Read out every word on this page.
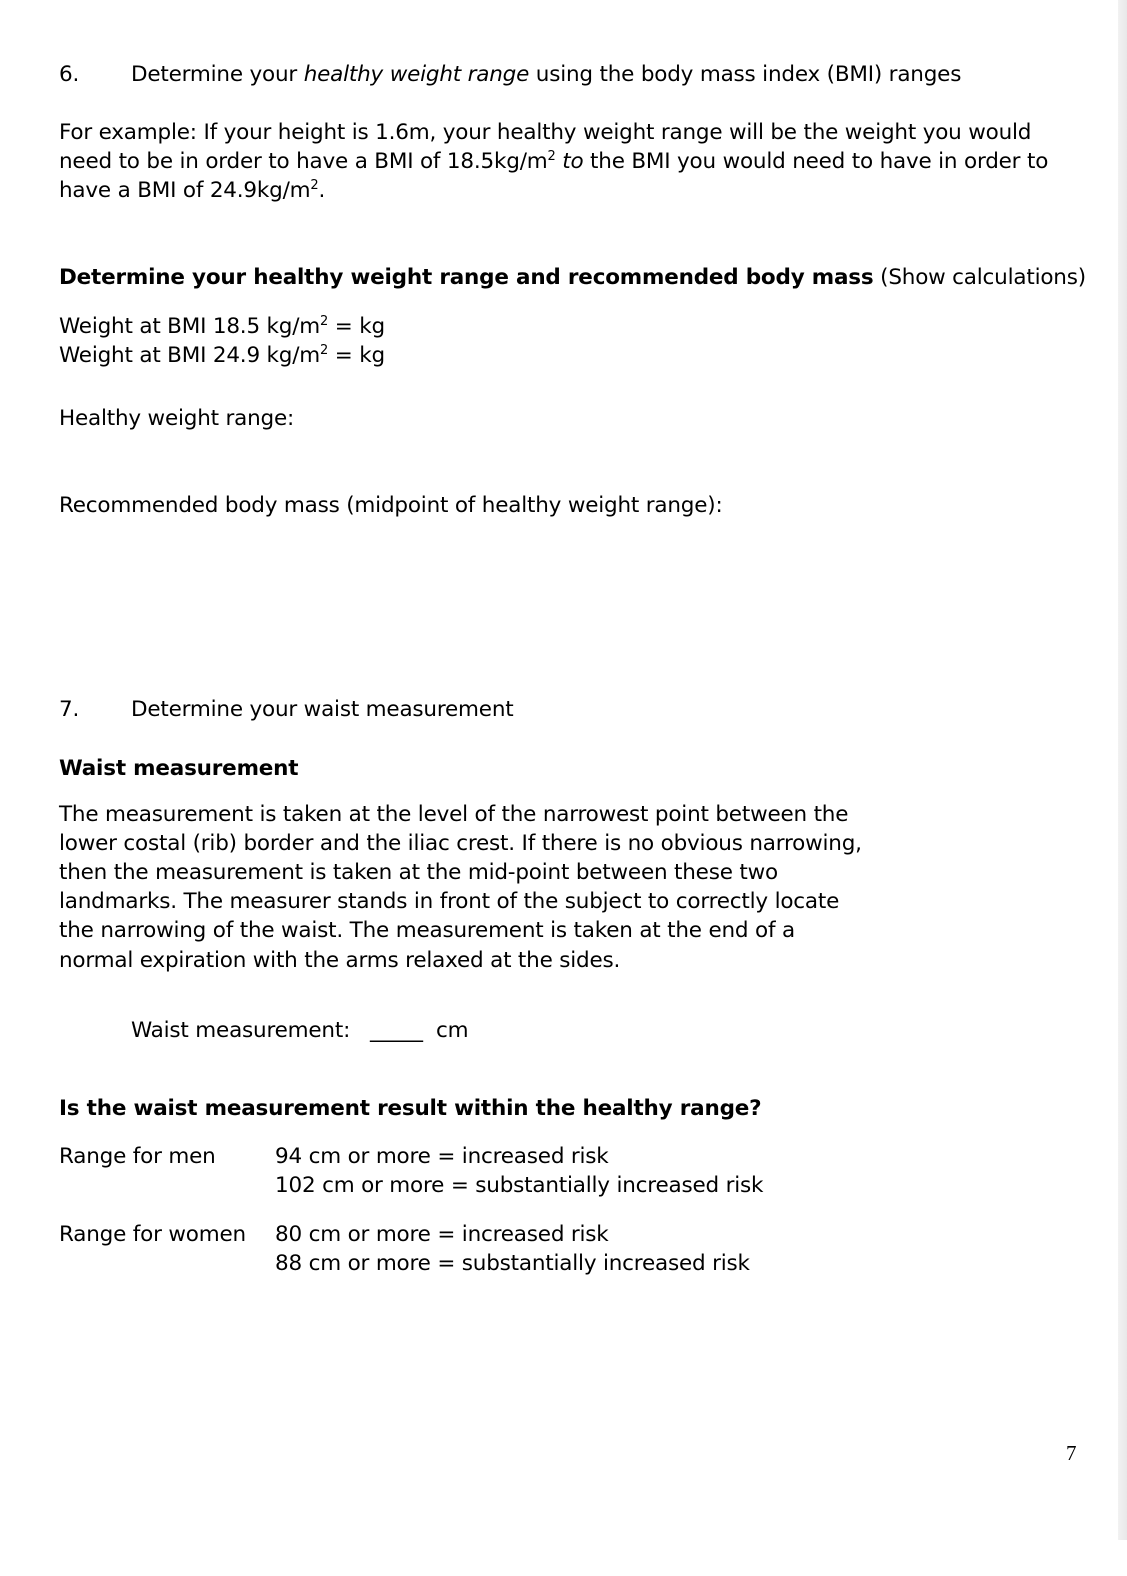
6. Determine your healthy weight range using the body mass index (BMI) ranges
For example: If your height is 1.6m, your healthy weight range will be the weight you would
need to be in order to have a BMI of $18.5kg/m^2$ to the BMI you would need to have in order to
have a BMI of $24.9kg/m^2$.
Determine your healthy weight range and recommended body mass (Show calculations)
Weight at BMI 18.5 $kg/m^2$ = kg
Weight at BMI 24.9 $kg/m^2$ = kg
Healthy weight range:
Recommended body mass (midpoint of healthy weight range):
7. Determine your waist measurement
Waist measurement
The measurement is taken at the level of the narrowest point between the
lower costal (rib) border and the iliac crest. If there is no obvious narrowing,
then the measurement is taken at the mid-point between these two
landmarks. The measurer stands in front of the subject to correctly locate
the narrowing of the waist. The measurement is taken at the end of a
normal expiration with the arms relaxed at the sides.
Waist measurement:   _____  cm
Is the waist measurement result within the healthy range?
Range for men	94 cm or more = increased risk
102 cm or more = substantially increased risk
Range for women 80 cm or more = increased risk
88 cm or more = substantially increased risk
7
